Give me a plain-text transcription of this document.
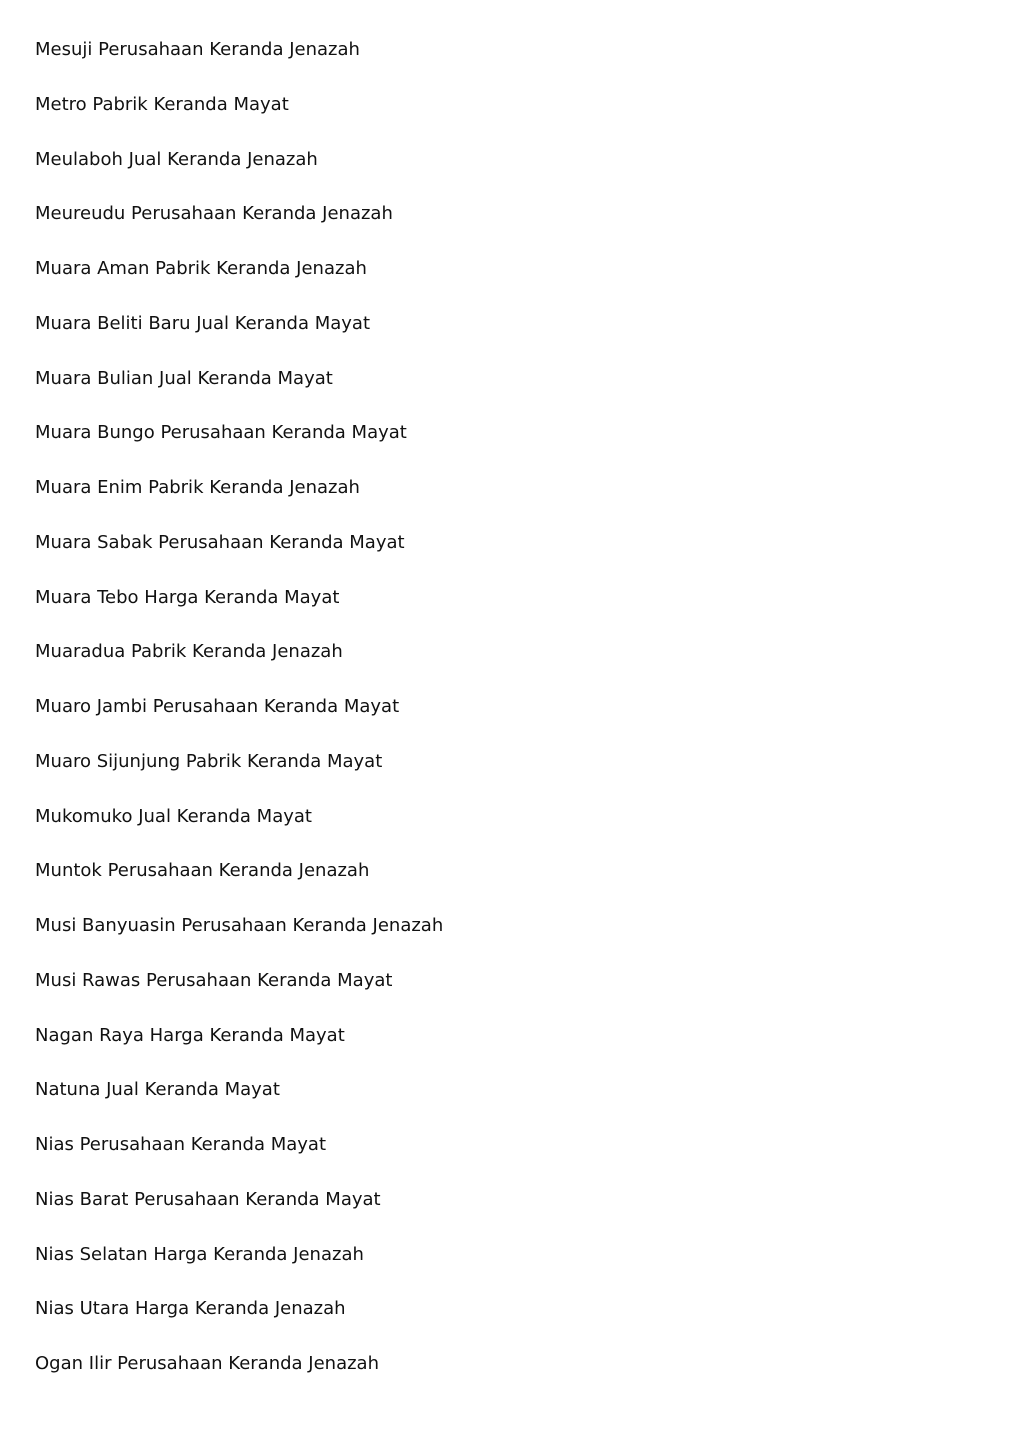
Mesuji Perusahaan Keranda Jenazah
Metro Pabrik Keranda Mayat
Meulaboh Jual Keranda Jenazah
Meureudu Perusahaan Keranda Jenazah
Muara Aman Pabrik Keranda Jenazah
Muara Beliti Baru Jual Keranda Mayat
Muara Bulian Jual Keranda Mayat
Muara Bungo Perusahaan Keranda Mayat
Muara Enim Pabrik Keranda Jenazah
Muara Sabak Perusahaan Keranda Mayat
Muara Tebo Harga Keranda Mayat
Muaradua Pabrik Keranda Jenazah
Muaro Jambi Perusahaan Keranda Mayat
Muaro Sijunjung Pabrik Keranda Mayat
Mukomuko Jual Keranda Mayat
Muntok Perusahaan Keranda Jenazah
Musi Banyuasin Perusahaan Keranda Jenazah
Musi Rawas Perusahaan Keranda Mayat
Nagan Raya Harga Keranda Mayat
Natuna Jual Keranda Mayat
Nias Perusahaan Keranda Mayat
Nias Barat Perusahaan Keranda Mayat
Nias Selatan Harga Keranda Jenazah
Nias Utara Harga Keranda Jenazah
Ogan Ilir Perusahaan Keranda Jenazah
